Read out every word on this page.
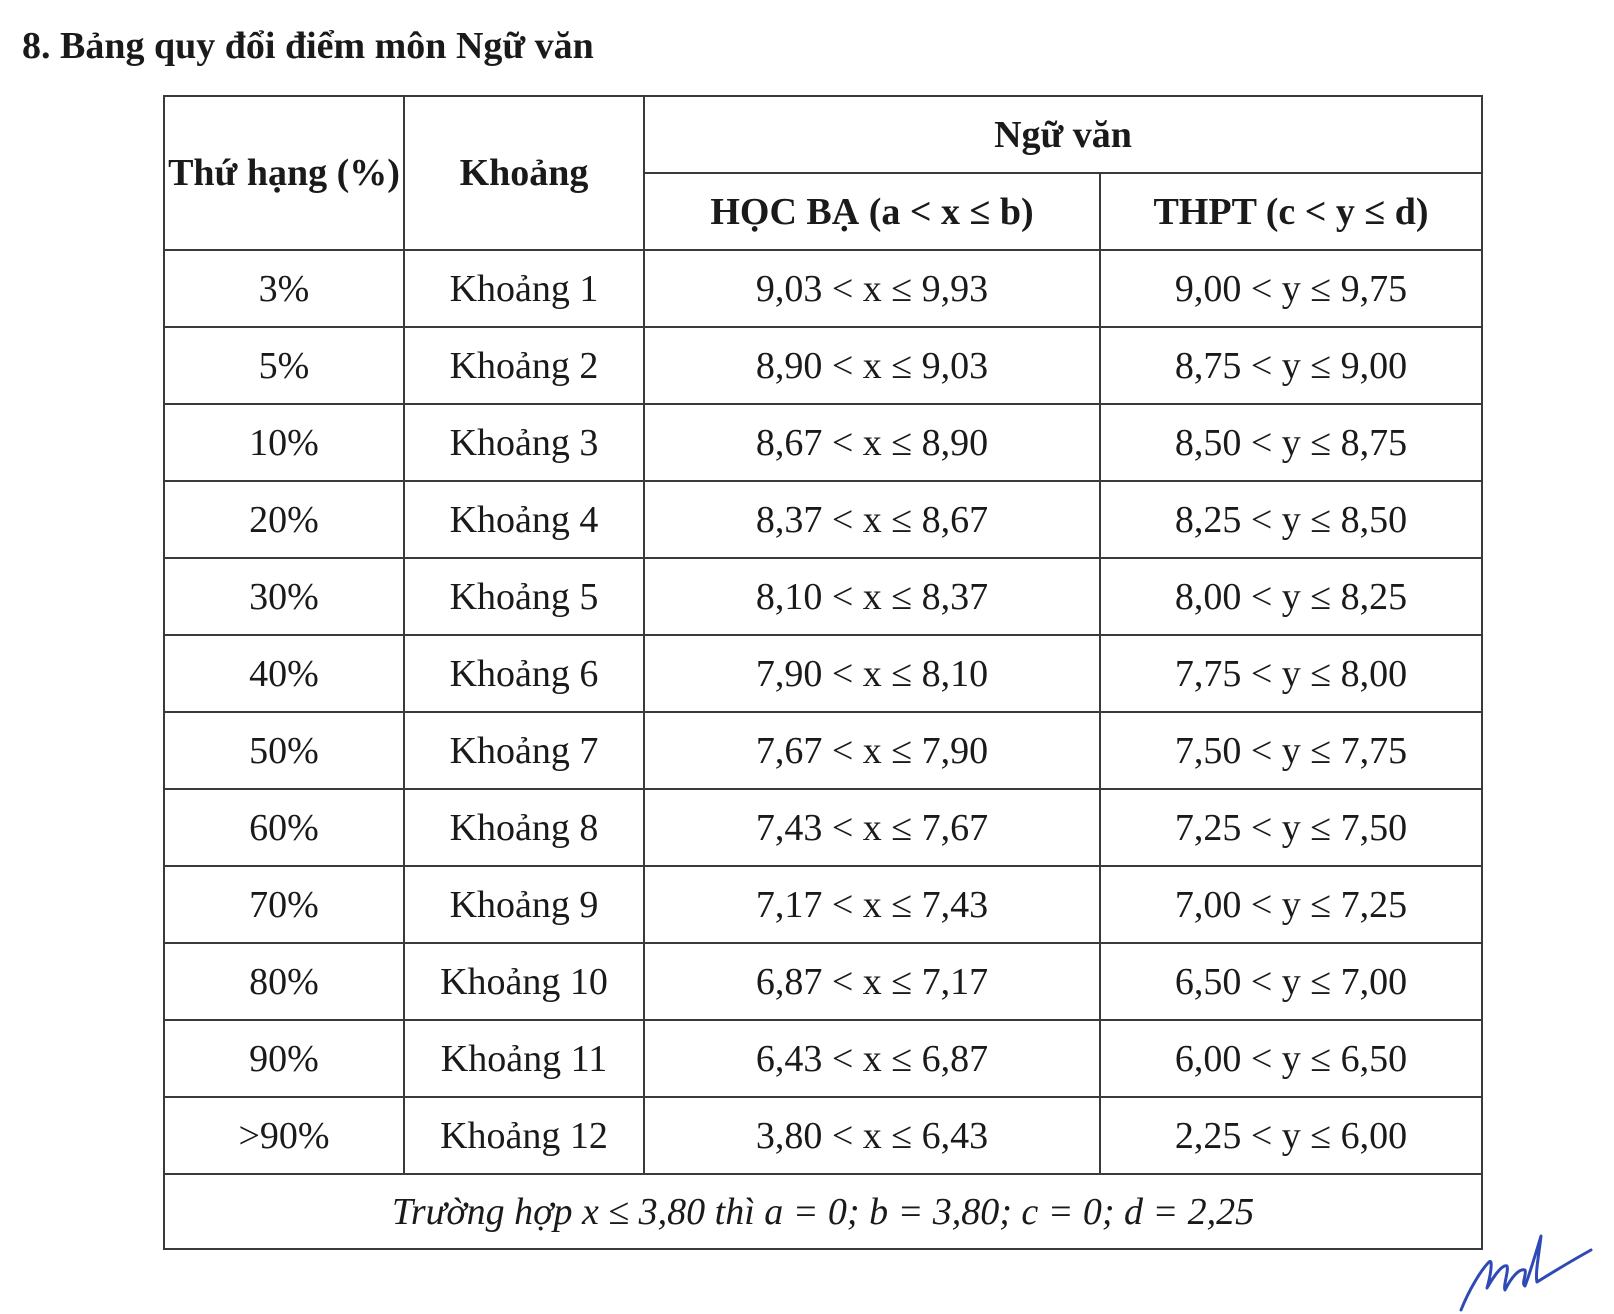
8. Bảng quy đổi điểm môn Ngữ văn
Thứ hạng (%)	Khoảng	Ngữ văn	
		HỌC BẠ (a < x ≤ b)	THPT (c < y ≤ d)
3%	Khoảng 1	9,03 < x ≤ 9,93	9,00 < y ≤ 9,75
5%	Khoảng 2	8,90 < x ≤ 9,03	8,75 < y ≤ 9,00
10%	Khoảng 3	8,67 < x ≤ 8,90	8,50 < y ≤ 8,75
20%	Khoảng 4	8,37 < x ≤ 8,67	8,25 < y ≤ 8,50
30%	Khoảng 5	8,10 < x ≤ 8,37	8,00 < y ≤ 8,25
40%	Khoảng 6	7,90 < x ≤ 8,10	7,75 < y ≤ 8,00
50%	Khoảng 7	7,67 < x ≤ 7,90	7,50 < y ≤ 7,75
60%	Khoảng 8	7,43 < x ≤ 7,67	7,25 < y ≤ 7,50
70%	Khoảng 9	7,17 < x ≤ 7,43	7,00 < y ≤ 7,25
80%	Khoảng 10	6,87 < x ≤ 7,17	6,50 < y ≤ 7,00
90%	Khoảng 11	6,43 < x ≤ 6,87	6,00 < y ≤ 6,50
>90%	Khoảng 12	3,80 < x ≤ 6,43	2,25 < y ≤ 6,00
Trường hợp x ≤ 3,80 thì a = 0; b = 3,80; c = 0; d = 2,25			
